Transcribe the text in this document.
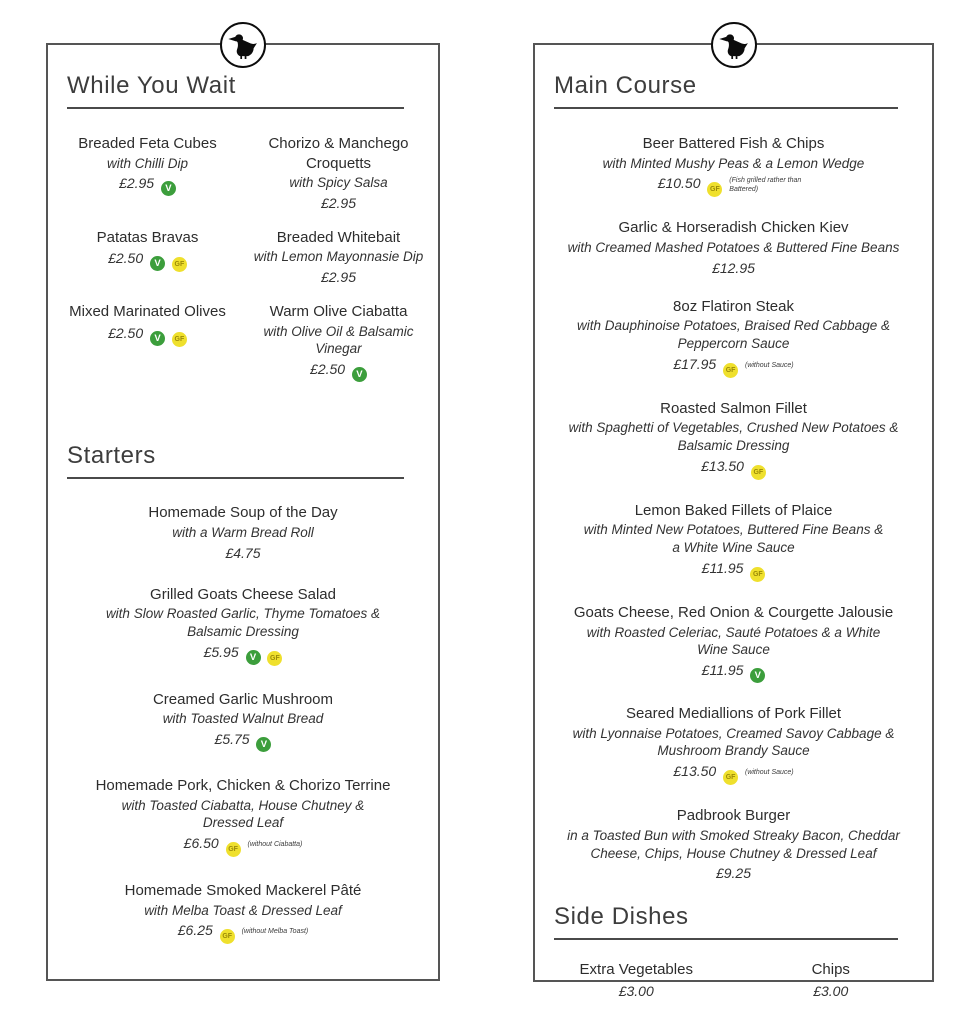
While You Wait
Breaded Feta Cubes
with Chilli Dip
£2.95 V
Chorizo & Manchego Croquetts
with Spicy Salsa
£2.95
Patatas Bravas
£2.50 V GF
Breaded Whitebait
with Lemon Mayonnasie Dip
£2.95
Mixed Marinated Olives
£2.50 V GF
Warm Olive Ciabatta
with Olive Oil & Balsamic Vinegar
£2.50 V
Starters
Homemade Soup of the Day
with a Warm Bread Roll
£4.75
Grilled Goats Cheese Salad
with Slow Roasted Garlic, Thyme Tomatoes & Balsamic Dressing
£5.95 V GF
Creamed Garlic Mushroom
with Toasted Walnut Bread
£5.75 V
Homemade Pork, Chicken & Chorizo Terrine
with Toasted Ciabatta, House Chutney & Dressed Leaf
£6.50 GF (without Ciabatta)
Homemade Smoked Mackerel Pâté
with Melba Toast & Dressed Leaf
£6.25 GF (without Melba Toast)
Main Course
Beer Battered Fish & Chips
with Minted Mushy Peas & a Lemon Wedge
£10.50 GF (Fish grilled rather than Battered)
Garlic & Horseradish Chicken Kiev
with Creamed Mashed Potatoes & Buttered Fine Beans
£12.95
8oz Flatiron Steak
with Dauphinoise Potatoes, Braised Red Cabbage & Peppercorn Sauce
£17.95 GF (without Sauce)
Roasted Salmon Fillet
with Spaghetti of Vegetables, Crushed New Potatoes & Balsamic Dressing
£13.50 GF
Lemon Baked Fillets of Plaice
with Minted New Potatoes, Buttered Fine Beans & a White Wine Sauce
£11.95 GF
Goats Cheese, Red Onion & Courgette Jalousie
with Roasted Celeriac, Sauté Potatoes & a White Wine Sauce
£11.95 V
Seared Mediallions of Pork Fillet
with Lyonnaise Potatoes, Creamed Savoy Cabbage & Mushroom Brandy Sauce
£13.50 GF (without Sauce)
Padbrook Burger
in a Toasted Bun with Smoked Streaky Bacon, Cheddar Cheese, Chips, House Chutney & Dressed Leaf
£9.25
Side Dishes
Extra Vegetables
£3.00
Chips
£3.00
